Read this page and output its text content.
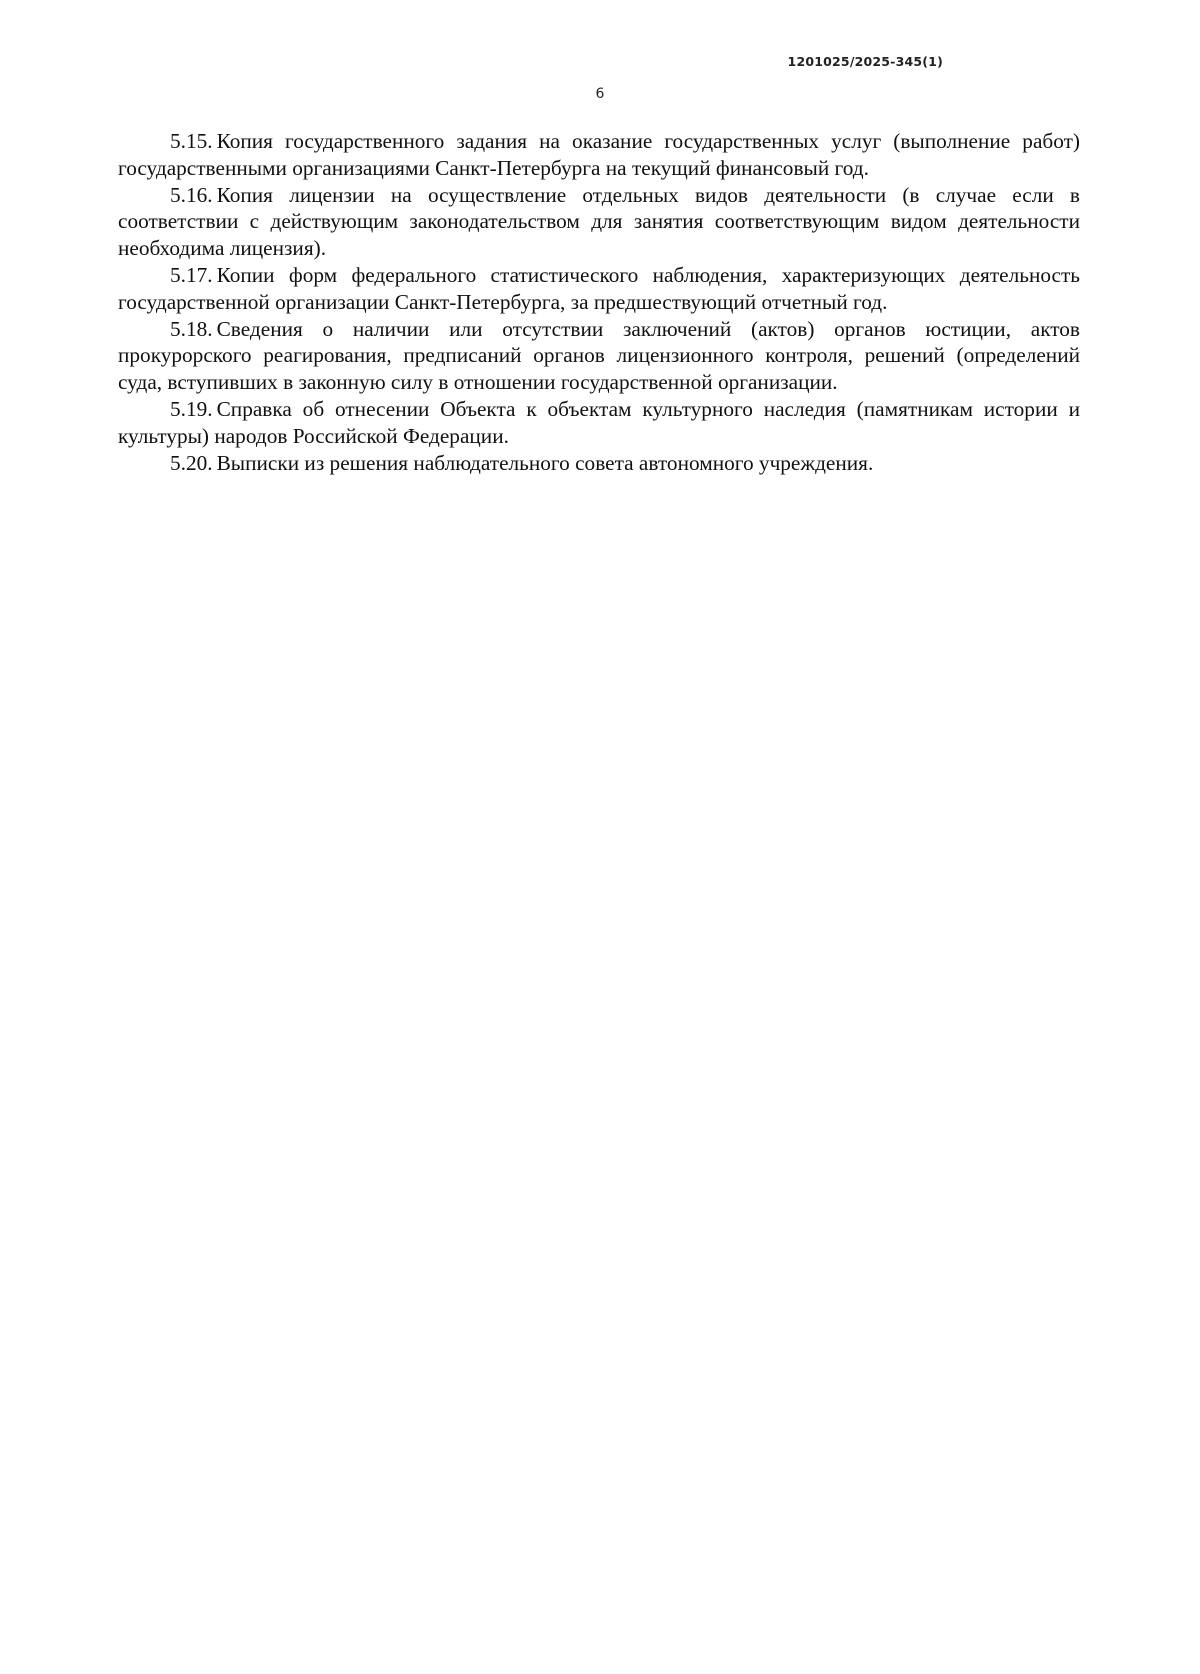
1201025/2025-345(1)
6

5.15. Копия государственного задания на оказание государственных услуг (выполнение работ) государственными организациями Санкт-Петербурга на текущий финансовый год.

5.16. Копия лицензии на осуществление отдельных видов деятельности (в случае если в соответствии с действующим законодательством для занятия соответствующим видом деятельности необходима лицензия).

5.17. Копии форм федерального статистического наблюдения, характеризующих деятельность государственной организации Санкт-Петербурга, за предшествующий отчетный год.

5.18. Сведения о наличии или отсутствии заключений (актов) органов юстиции, актов прокурорского реагирования, предписаний органов лицензионного контроля, решений (определений суда, вступивших в законную силу в отношении государственной организации.

5.19. Справка об отнесении Объекта к объектам культурного наследия (памятникам истории и культуры) народов Российской Федерации.

5.20. Выписки из решения наблюдательного совета автономного учреждения.
